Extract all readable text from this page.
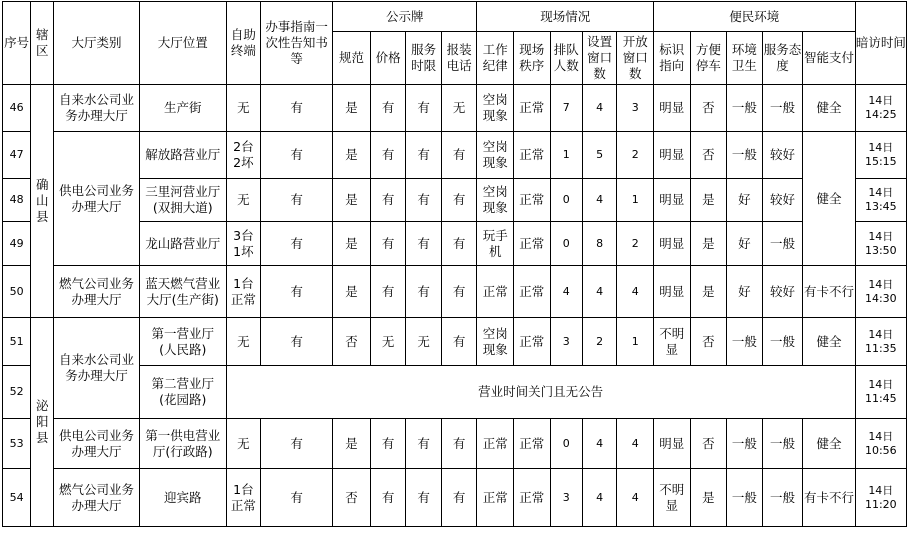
序号	辖区	大厅类别	大厅位置	自助终端	办事指南一次性告知书等	公示牌				现场情况					便民环境					暗访时间
						规范	价格	服务时限	报装电话	工作纪律	现场秩序	排队人数	设置窗口数	开放窗口数	标识指向	方便停车	环境卫生	服务态度	智能支付	
46	确山县	自来水公司业务办理大厅	生产街	无	有	是	有	有	无	空岗现象	正常	7	4	3	明显	否	一般	一般	健全	14日
14:25
47		供电公司业务办理大厅	解放路营业厅	2台
2坏	有	是	有	有	有	空岗现象	正常	1	5	2	明显	否	一般	较好	健全	14日
15:15
48			三里河营业厅(双拥大道)	无	有	是	有	有	有	空岗现象	正常	0	4	1	明显	是	好	较好		14日
13:45
49			龙山路营业厅	3台
1坏	有	是	有	有	有	玩手机	正常	0	8	2	明显	是	好	一般		14日
13:50
50		燃气公司业务办理大厅	蓝天燃气营业大厅(生产街)	1台
正常	有	是	有	有	有	正常	正常	4	4	4	明显	是	好	较好	有卡不行	14日
14:30
51	泌阳县	自来水公司业务办理大厅	第一营业厅
(人民路)	无	有	否	无	无	有	空岗现象	正常	3	2	1	不明显	否	一般	一般	健全	14日
11:35
52			第二营业厅
(花园路)	营业时间关门且无公告																14日
11:45
53		供电公司业务办理大厅	第一供电营业厅(行政路)	无	有	是	有	有	有	正常	正常	0	4	4	明显	否	一般	一般	健全	14日
10:56
54		燃气公司业务办理大厅	迎宾路	1台
正常	有	否	有	有	有	正常	正常	3	4	4	不明显	是	一般	一般	有卡不行	14日
11:20
